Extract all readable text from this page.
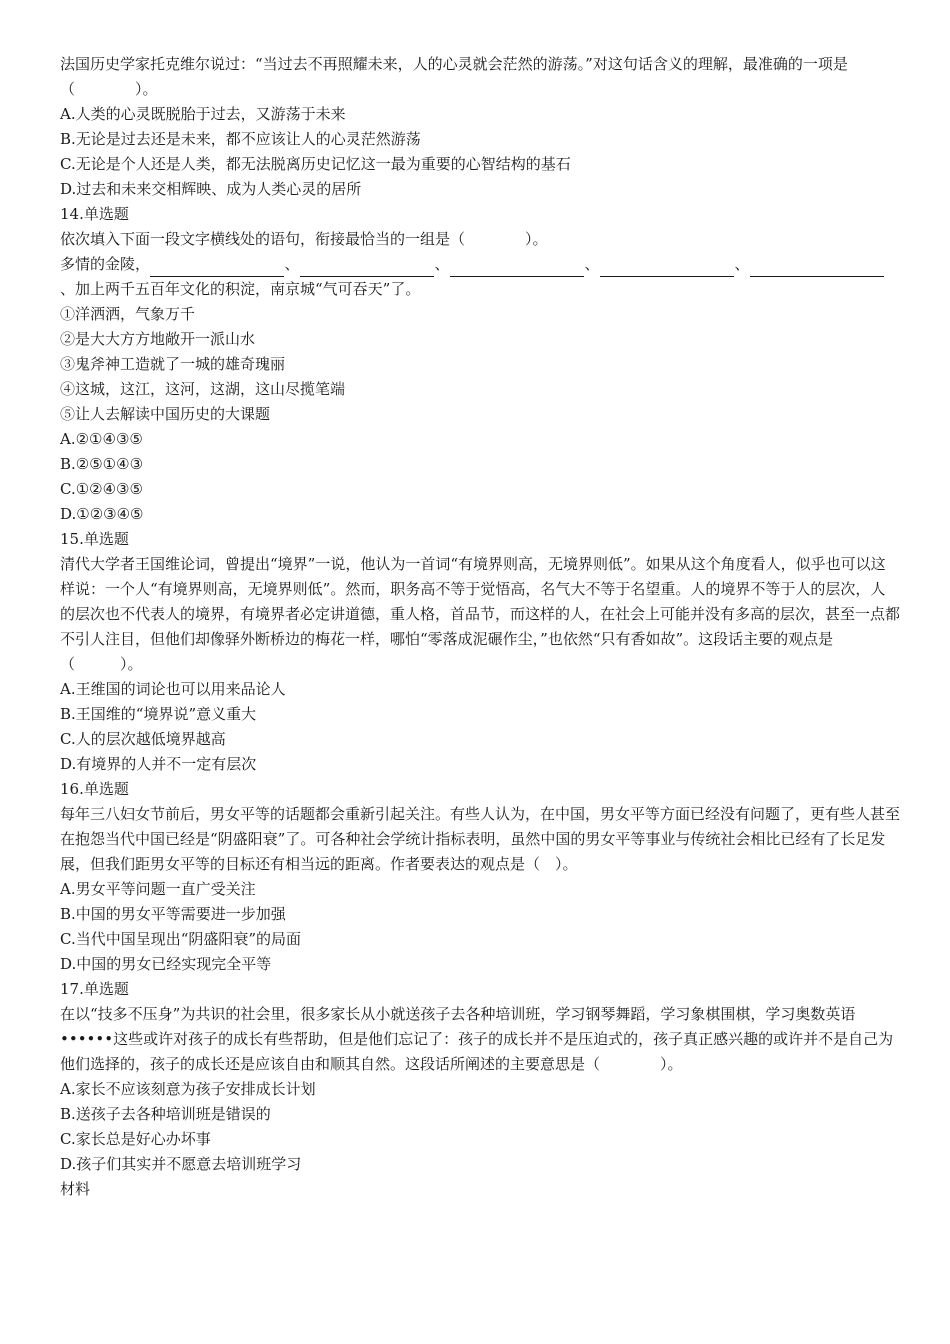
法国历史学家托克维尔说过：“当过去不再照耀未来，人的心灵就会茫然的游荡。”对这句话含义的理解，最准确的一项是（　　　　）。
A.人类的心灵既脱胎于过去，又游荡于未来
B.无论是过去还是未来，都不应该让人的心灵茫然游荡
C.无论是个人还是人类，都无法脱离历史记忆这一最为重要的心智结构的基石
D.过去和未来交相辉映、成为人类心灵的居所
14.单选题
依次填入下面一段文字横线处的语句，衔接最恰当的一组是（　　　　）。
多情的金陵，	、	、	、	、
、加上两千五百年文化的积淀，南京城“气可吞天”了。
①洋洒洒，气象万千
②是大大方方地敞开一派山水
③鬼斧神工造就了一城的雄奇瑰丽
④这城，这江，这河，这湖，这山尽揽笔端
⑤让人去解读中国历史的大课题
A.②①④③⑤
B.②⑤①④③
C.①②④③⑤
D.①②③④⑤
15.单选题
清代大学者王国维论词，曾提出“境界”一说，他认为一首词“有境界则高，无境界则低”。如果从这个角度看人，似乎也可以这样说：一个人“有境界则高，无境界则低”。然而，职务高不等于觉悟高，名气大不等于名望重。人的境界不等于人的层次，人的层次也不代表人的境界，有境界者必定讲道德，重人格，首品节，而这样的人，在社会上可能并没有多高的层次，甚至一点都不引人注目，但他们却像驿外断桥边的梅花一样，哪怕“零落成泥碾作尘，”也依然“只有香如故”。这段话主要的观点是（　　　）。
A.王维国的词论也可以用来品论人
B.王国维的“境界说”意义重大
C.人的层次越低境界越高
D.有境界的人并不一定有层次
16.单选题
每年三八妇女节前后，男女平等的话题都会重新引起关注。有些人认为，在中国，男女平等方面已经没有问题了，更有些人甚至在抱怨当代中国已经是“阴盛阳衰”了。可各种社会学统计指标表明，虽然中国的男女平等事业与传统社会相比已经有了长足发展，但我们距男女平等的目标还有相当远的距离。作者要表达的观点是（　）。
A.男女平等问题一直广受关注
B.中国的男女平等需要进一步加强
C.当代中国呈现出“阴盛阳衰”的局面
D.中国的男女已经实现完全平等
17.单选题
在以“技多不压身”为共识的社会里，很多家长从小就送孩子去各种培训班，学习钢琴舞蹈，学习象棋围棋，学习奥数英语••••••这些或许对孩子的成长有些帮助，但是他们忘记了：孩子的成长并不是压迫式的，孩子真正感兴趣的或许并不是自己为他们选择的，孩子的成长还是应该自由和顺其自然。这段话所阐述的主要意思是（　　　　）。
A.家长不应该刻意为孩子安排成长计划
B.送孩子去各种培训班是错误的
C.家长总是好心办坏事
D.孩子们其实并不愿意去培训班学习
材料
